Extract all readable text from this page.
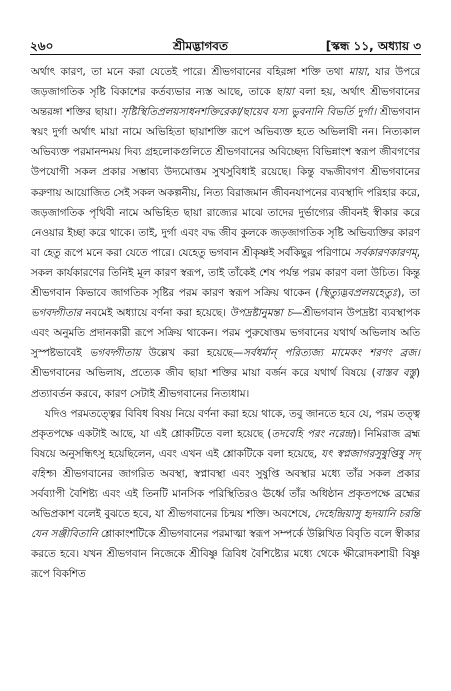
২৬০	শ্রীমদ্ভাগবত	[স্কন্ধ ১১, অধ্যায় ৩

অর্থাৎ কারণ, তা মনে করা যেতেই পারে। শ্রীভগবানের বহিরঙ্গা শক্তি তথা মায়া, যার উপরে জড়জাগতিক সৃষ্টি বিকাশের কর্তব্যভার ন্যস্ত আছে, তাকে ছায়া বলা হয়, অর্থাৎ শ্রীভগবানের অন্তরঙ্গা শক্তির ছায়া। সৃষ্টিস্থিতিপ্রলয়সাধনশক্তিরেকা/ছায়েব যস্য ভুবনানি বিভর্তি দুর্গা। শ্রীভগবান স্বয়ং দুর্গা অর্থাৎ মায়া নামে অভিহিতা ছায়াশক্তি রূপে অভিব্যক্ত হতে অভিলাষী নন। নিত্যকাল অভিব্যক্ত পরমানন্দময় দিব্য গ্রহলোকগুলিতে শ্রীভগবানের অবিচ্ছেদ্য বিভিন্নাংশ স্বরূপ জীবগণের উপযোগী সকল প্রকার সম্ভাব্য উদ্যমোত্তম সুখসুবিধাই রয়েছে। কিন্তু বদ্ধজীবগণ শ্রীভগবানের করুণায় আয়োজিত সেই সকল অকল্পনীয়, নিত্য বিরাজমান জীবনযাপনের ব্যবস্থাদি পরিহার করে, জড়জাগতিক পৃথিবী নামে অভিহিত ছায়া রাজ্যের মাঝে তাদের দুর্ভাগ্যের জীবনই স্বীকার করে নেওয়ার ইচ্ছা করে থাকে। তাই, দুর্গা এবং বদ্ধ জীব কুলকে জড়জাগতিক সৃষ্টি অভিব্যক্তির কারণ বা হেতু রূপে মনে করা যেতে পারে। যেহেতু ভগবান শ্রীকৃষ্ণই সর্বকিছুর পরিণামে সর্বকারণকারণম্, সকল কার্যকারণের তিনিই মূল কারণ স্বরূপ, তাই তাঁকেই শেষ পর্যন্ত পরম কারণ বলা উচিত। কিন্তু শ্রীভগবান কিভাবে জাগতিক সৃষ্টির পরম কারণ স্বরূপ সক্রিয় থাকেন (স্থিত্যুদ্ভবপ্রলয়হেতুঃ), তা ভগবদ্গীতার নবমেই অধ্যায়ে বর্ণনা করা হয়েছে। উপদ্রষ্টানুমন্তা চ—শ্রীভগবান উপদ্রষ্টা ব্যবস্থাপক এবং অনুমতি প্রদানকারী রূপে সক্রিয় থাকেন। পরম পুরুষোত্তম ভগবানের যথার্থ অভিলাষ অতি সুস্পষ্টভাবেই ভগবদ্গীতায় উল্লেখ করা হয়েছে—সর্বধর্মান্ পরিত্যজ্য মামেকং শরণং ব্রজ। শ্রীভগবানের অভিলাষ, প্রত্যেক জীব ছায়া শক্তির মায়া বর্জন করে যথার্থ বিষয়ে (বাস্তব বস্তু) প্রত্যাবর্তন করবে, কারণ সেটাই শ্রীভগবানের নিত্যধাম।

যদিও পরমতত্ত্বের বিবিধ বিষয় নিয়ে বর্ণনা করা হয়ে থাকে, তবু জানতে হবে যে, পরম তত্ত্ব প্রকৃতপক্ষে একটাই আছে, যা এই শ্লোকটিতে বলা হয়েছে (তদবেহি পরং নরেন্দ্র)। নিমিরাজ ব্রহ্ম বিষয়ে অনুসন্ধিৎসু হয়েছিলেন, এবং এখন এই শ্লোকটিকে বলা হয়েছে, যৎ স্বপ্নজাগরসুষুপ্তিষু সদ্ বহিশ্চ। শ্রীভগবানের জাগরিত অবস্থা, স্বপ্নাবস্থা এবং সুষুপ্তি অবস্থার মধ্যে তাঁর সকল প্রকার সর্বব্যাপী বৈশিষ্ট্য এবং এই তিনটি মানসিক পরিস্থিতিরও ঊর্ধ্বে তাঁর অধিষ্ঠান প্রকৃতপক্ষে ব্রহ্মের অভিপ্রকাশ বলেই বুঝতে হবে, যা শ্রীভগবানের চিন্ময় শক্তি। অবশেষে, দেহেন্দ্রিয়াসু হৃদয়ানি চরন্তি যেন সঞ্জীবিতানি শ্লোকাংশটিকে শ্রীভগবানের পরমাত্মা স্বরূপ সম্পর্কে উল্লিখিত বিবৃতি বলে স্বীকার করতে হবে। যখন শ্রীভগবান নিজেকে শ্রীবিষ্ণু ত্রিবিধ বৈশিষ্ট্যের মধ্যে থেকে ক্ষীরোদকশায়ী বিষ্ণু রূপে বিকশিত
